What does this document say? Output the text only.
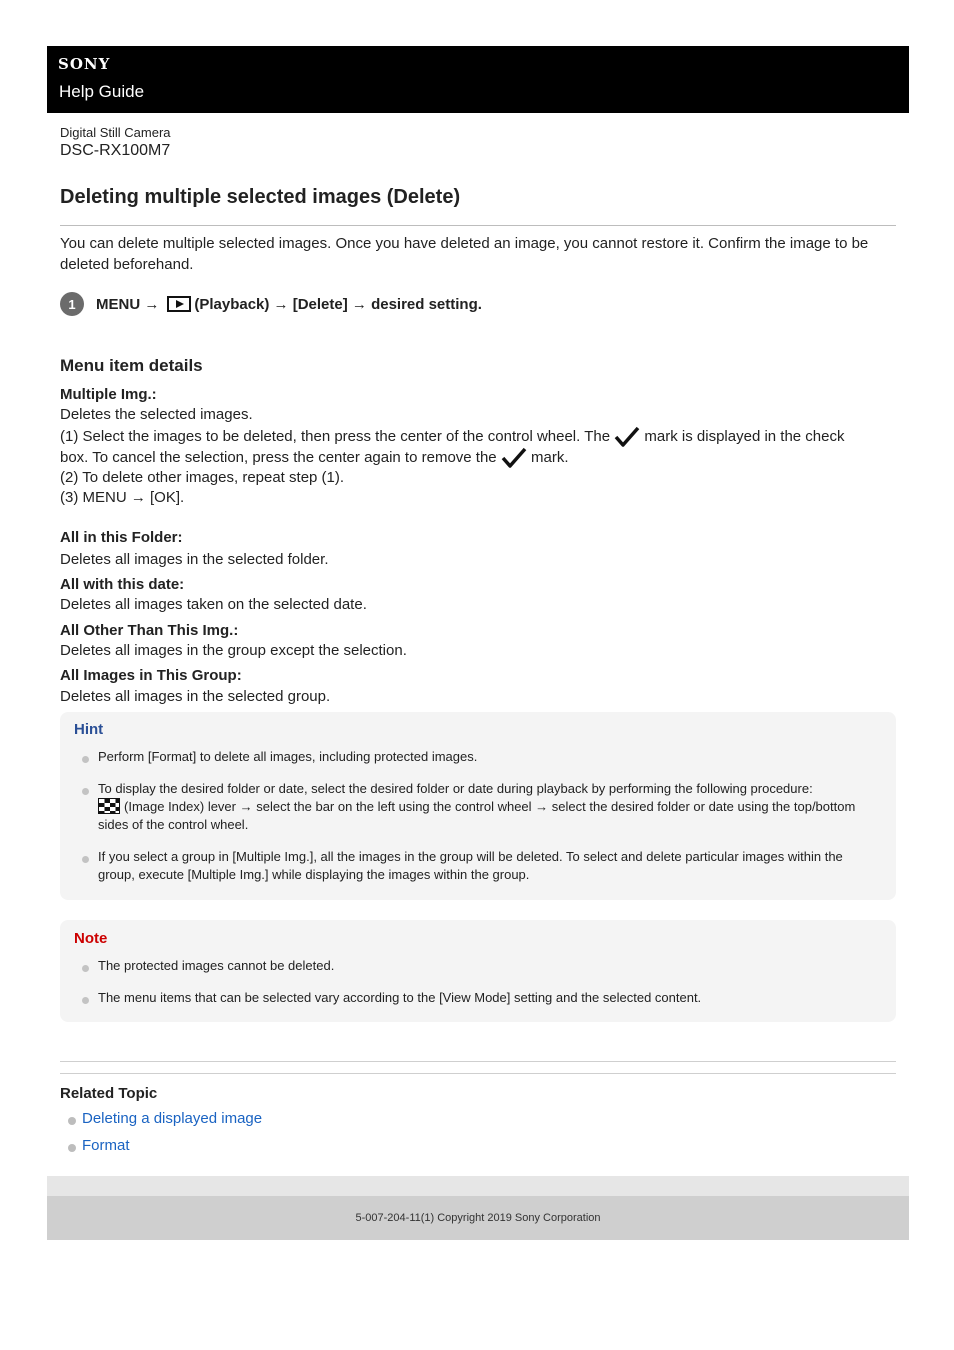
SONY
Help Guide
Digital Still Camera
DSC-RX100M7
Deleting multiple selected images (Delete)

You can delete multiple selected images. Once you have deleted an image, you cannot restore it. Confirm the image to be deleted beforehand.

1	MENU → (Playback) → [Delete] → desired setting.
Menu item details
Multiple Img.:
Deletes the selected images.
(1) Select the images to be deleted, then press the center of the control wheel. The mark is displayed in the check
box. To cancel the selection, press the center again to remove the mark.
(2) To delete other images, repeat step (1).
(3) MENU → [OK].
All in this Folder:
Deletes all images in the selected folder.
All with this date:
Deletes all images taken on the selected date.
All Other Than This Img.:
Deletes all images in the group except the selection.
All Images in This Group:
Deletes all images in the selected group.
Hint
Perform [Format] to delete all images, including protected images.
To display the desired folder or date, select the desired folder or date during playback by performing the following procedure:
(Image Index) lever → select the bar on the left using the control wheel → select the desired folder or date using the top/bottom sides of the control wheel.
If you select a group in [Multiple Img.], all the images in the group will be deleted. To select and delete particular images within the group, execute [Multiple Img.] while displaying the images within the group.
Note
The protected images cannot be deleted.
The menu items that can be selected vary according to the [View Mode] setting and the selected content.
Related Topic
Deleting a displayed image
Format
5-007-204-11(1) Copyright 2019 Sony Corporation
